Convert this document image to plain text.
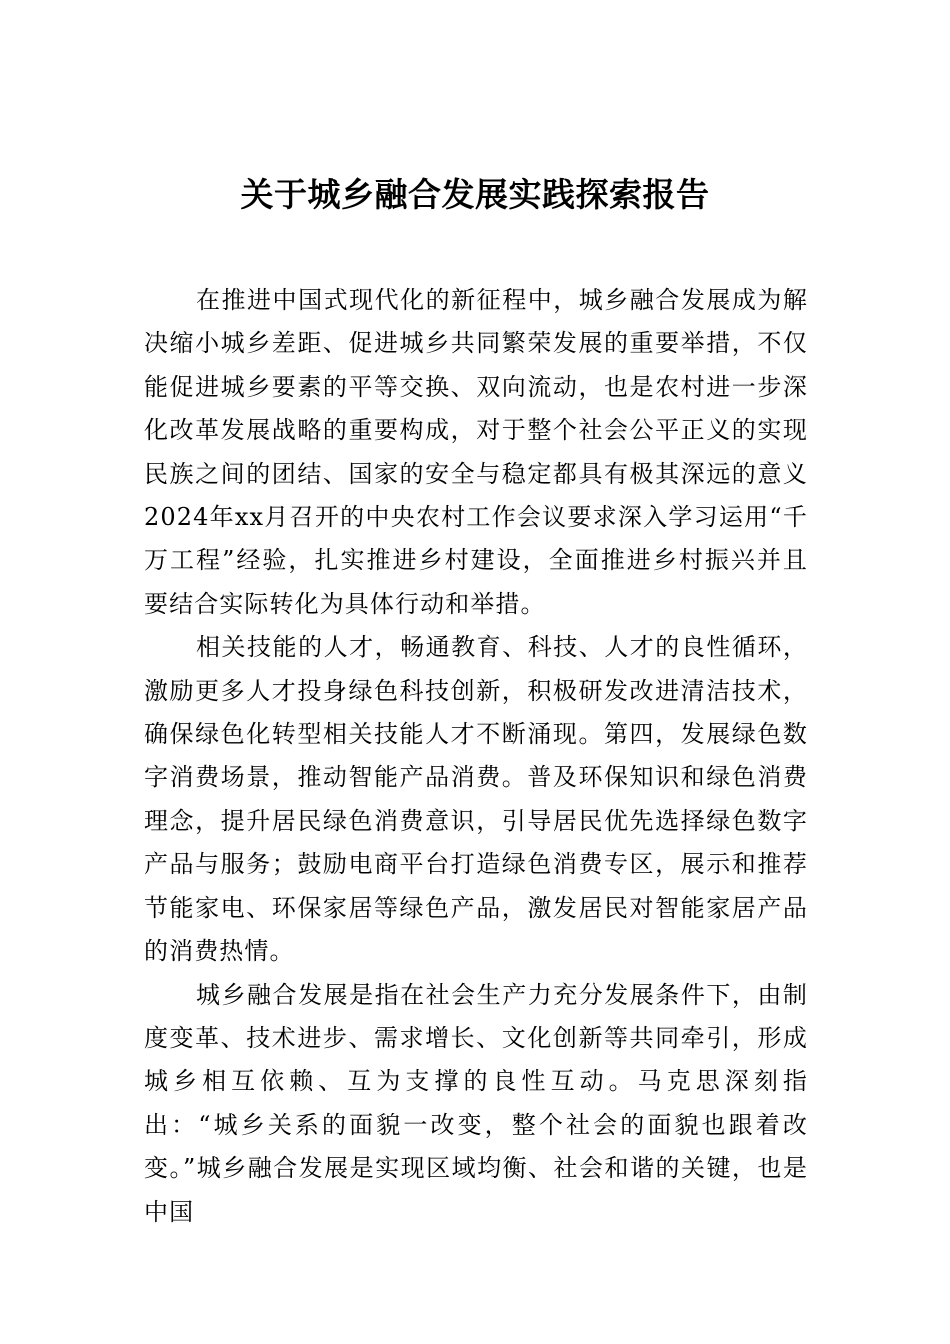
关于城乡融合发展实践探索报告

在推进中国式现代化的新征程中，城乡融合发展成为解决缩小城乡差距、促进城乡共同繁荣发展的重要举措，不仅能促进城乡要素的平等交换、双向流动，也是农村进一步深化改革发展战略的重要构成，对于整个社会公平正义的实现民族之间的团结、国家的安全与稳定都具有极其深远的意义2024年xx月召开的中央农村工作会议要求深入学习运用“千万工程”经验，扎实推进乡村建设，全面推进乡村振兴并且要结合实际转化为具体行动和举措。

相关技能的人才，畅通教育、科技、人才的良性循环，激励更多人才投身绿色科技创新，积极研发改进清洁技术，确保绿色化转型相关技能人才不断涌现。第四，发展绿色数字消费场景，推动智能产品消费。普及环保知识和绿色消费理念，提升居民绿色消费意识，引导居民优先选择绿色数字产品与服务；鼓励电商平台打造绿色消费专区，展示和推荐节能家电、环保家居等绿色产品，激发居民对智能家居产品的消费热情。

城乡融合发展是指在社会生产力充分发展条件下，由制度变革、技术进步、需求增长、文化创新等共同牵引，形成城乡相互依赖、互为支撑的良性互动。马克思深刻指出：“城乡关系的面貌一改变，整个社会的面貌也跟着改变。”城乡融合发展是实现区域均衡、社会和谐的关键，也是中国
